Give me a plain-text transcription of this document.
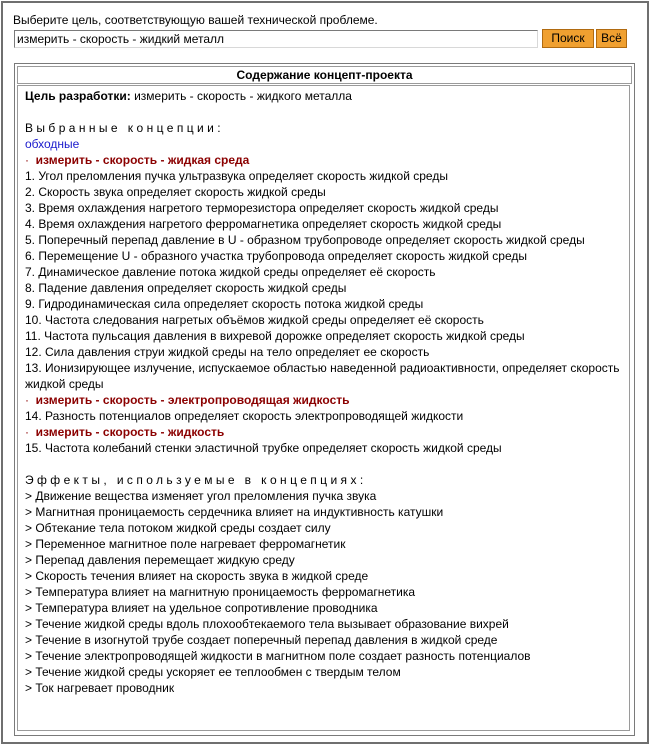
Выберите цель, соответствующую вашей технической проблеме.
измерить - скорость - жидкий металл
Поиск	Всё
Содержание концепт-проекта
Цель разработки: измерить - скорость - жидкого металла
Выбранные концепции:
обходные
· измерить - скорость - жидкая среда
1. Угол преломления пучка ультразвука определяет скорость жидкой среды
2. Скорость звука определяет скорость жидкой среды
3. Время охлаждения нагретого терморезистора определяет скорость жидкой среды
4. Время охлаждения нагретого ферромагнетика определяет скорость жидкой среды
5. Поперечный перепад давление в U - образном трубопроводе определяет скорость жидкой среды
6. Перемещение U - образного участка трубопровода определяет скорость жидкой среды
7. Динамическое давление потока жидкой среды определяет её скорость
8. Падение давления определяет скорость жидкой среды
9. Гидродинамическая сила определяет скорость потока жидкой среды
10. Частота следования нагретых объёмов жидкой среды определяет её скорость
11. Частота пульсация давления в вихревой дорожке определяет скорость жидкой среды
12. Сила давления струи жидкой среды на тело определяет ее скорость
13. Ионизирующее излучение, испускаемое областью наведенной радиоактивности, определяет скорость жидкой среды
· измерить - скорость - электропроводящая жидкость
14. Разность потенциалов определяет скорость электропроводящей жидкости
· измерить - скорость - жидкость
15. Частота колебаний стенки эластичной трубке определяет скорость жидкой среды
Эффекты, используемые в концепциях:
> Движение вещества изменяет угол преломления пучка звука
> Магнитная проницаемость сердечника влияет на индуктивность катушки
> Обтекание тела потоком жидкой среды создает силу
> Переменное магнитное поле нагревает ферромагнетик
> Перепад давления перемещает жидкую среду
> Скорость течения влияет на скорость звука в жидкой среде
> Температура влияет на магнитную проницаемость ферромагнетика
> Температура влияет на удельное сопротивление проводника
> Течение жидкой среды вдоль плохообтекаемого тела вызывает образование вихрей
> Течение в изогнутой трубе создает поперечный перепад давления в жидкой среде
> Течение электропроводящей жидкости в магнитном поле создает разность потенциалов
> Течение жидкой среды ускоряет ее теплообмен с твердым телом
> Ток нагревает проводник
